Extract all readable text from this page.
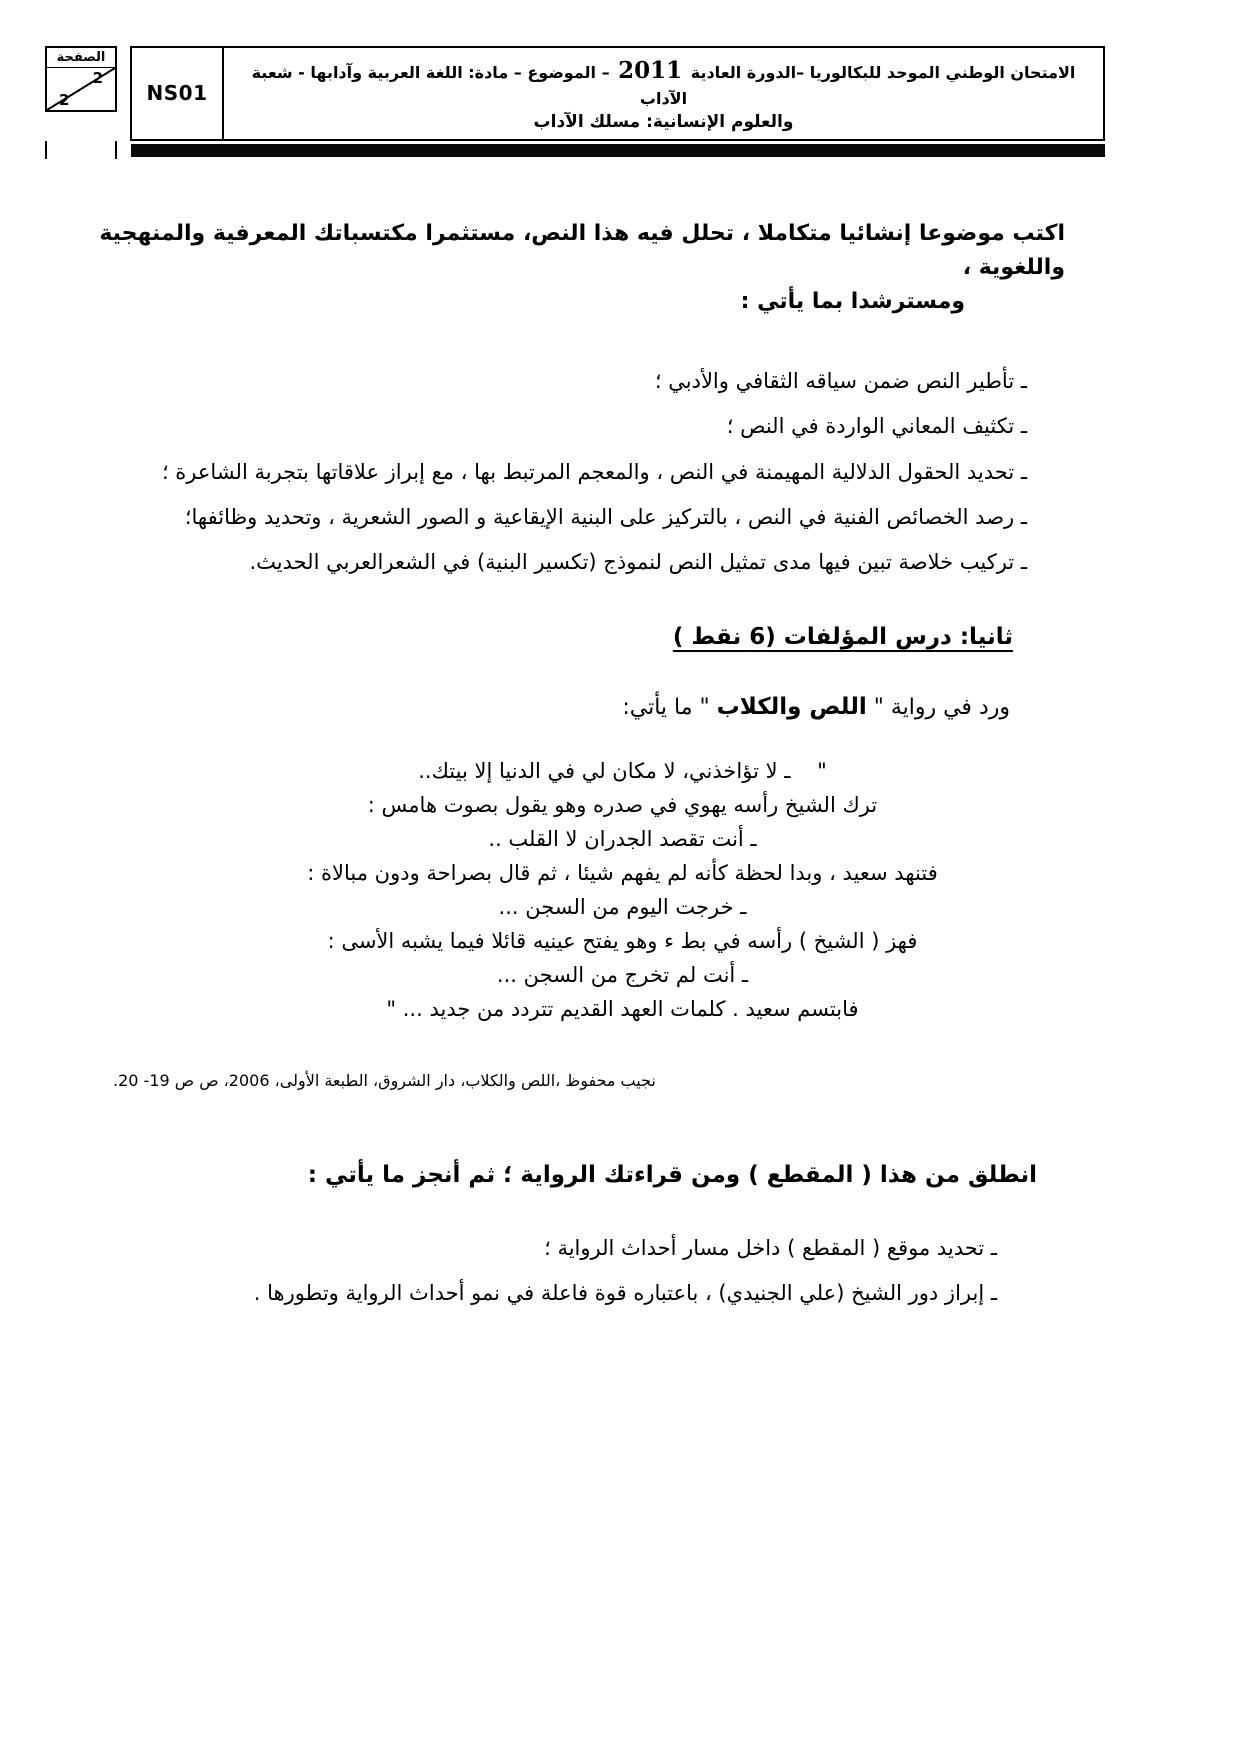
الامتحان الوطني الموحد للبكالوريا –الدورة العادية 2011 – الموضوع – مادة: اللغة العربية وآدابها - شعبة الآداب
والعلوم الإنسانية: مسلك الآداب
NS01
الصفحة
2
2
اكتب موضوعا إنشائيا متكاملا ، تحلل فيه هذا النص، مستثمرا مكتسباتك المعرفية والمنهجية واللغوية ،
ومسترشدا بما يأتي :
ـ تأطير النص ضمن سياقه الثقافي والأدبي ؛
ـ تكثيف المعاني الواردة في النص ؛
ـ تحديد الحقول الدلالية المهيمنة في النص ، والمعجم المرتبط بها ، مع إبراز علاقاتها بتجربة الشاعرة ؛
ـ رصد الخصائص الفنية في النص ، بالتركيز على البنية الإيقاعية و الصور الشعرية ، وتحديد وظائفها؛
ـ تركيب خلاصة تبين فيها مدى تمثيل النص لنموذج (تكسير البنية) في الشعرالعربي الحديث.
ثانيا: درس المؤلفات (6 نقط )
ورد في رواية " اللص والكلاب " ما يأتي:
"    ـ لا تؤاخذني، لا مكان لي في الدنيا إلا بيتك..
ترك الشيخ رأسه يهوي في صدره وهو يقول بصوت هامس :
ـ أنت تقصد الجدران لا القلب ..
فتنهد سعيد ، وبدا لحظة كأنه لم يفهم شيئا ، ثم قال بصراحة ودون مبالاة :
ـ خرجت اليوم من السجن ...
فهز ( الشيخ ) رأسه في بط ء وهو يفتح عينيه قائلا فيما يشبه الأسى :
ـ أنت لم تخرج من السجن ...
فابتسم سعيد . كلمات العهد القديم تتردد من جديد ... "
نجيب محفوظ ،اللص والكلاب، دار الشروق، الطبعة الأولى، 2006، ص ص 19- 20.
انطلق من هذا ( المقطع ) ومن قراءتك الرواية ؛ ثم أنجز ما يأتي :
ـ تحديد موقع ( المقطع ) داخل مسار أحداث الرواية ؛
ـ إبراز دور الشيخ (علي الجنيدي) ، باعتباره قوة فاعلة في نمو أحداث الرواية وتطورها .
